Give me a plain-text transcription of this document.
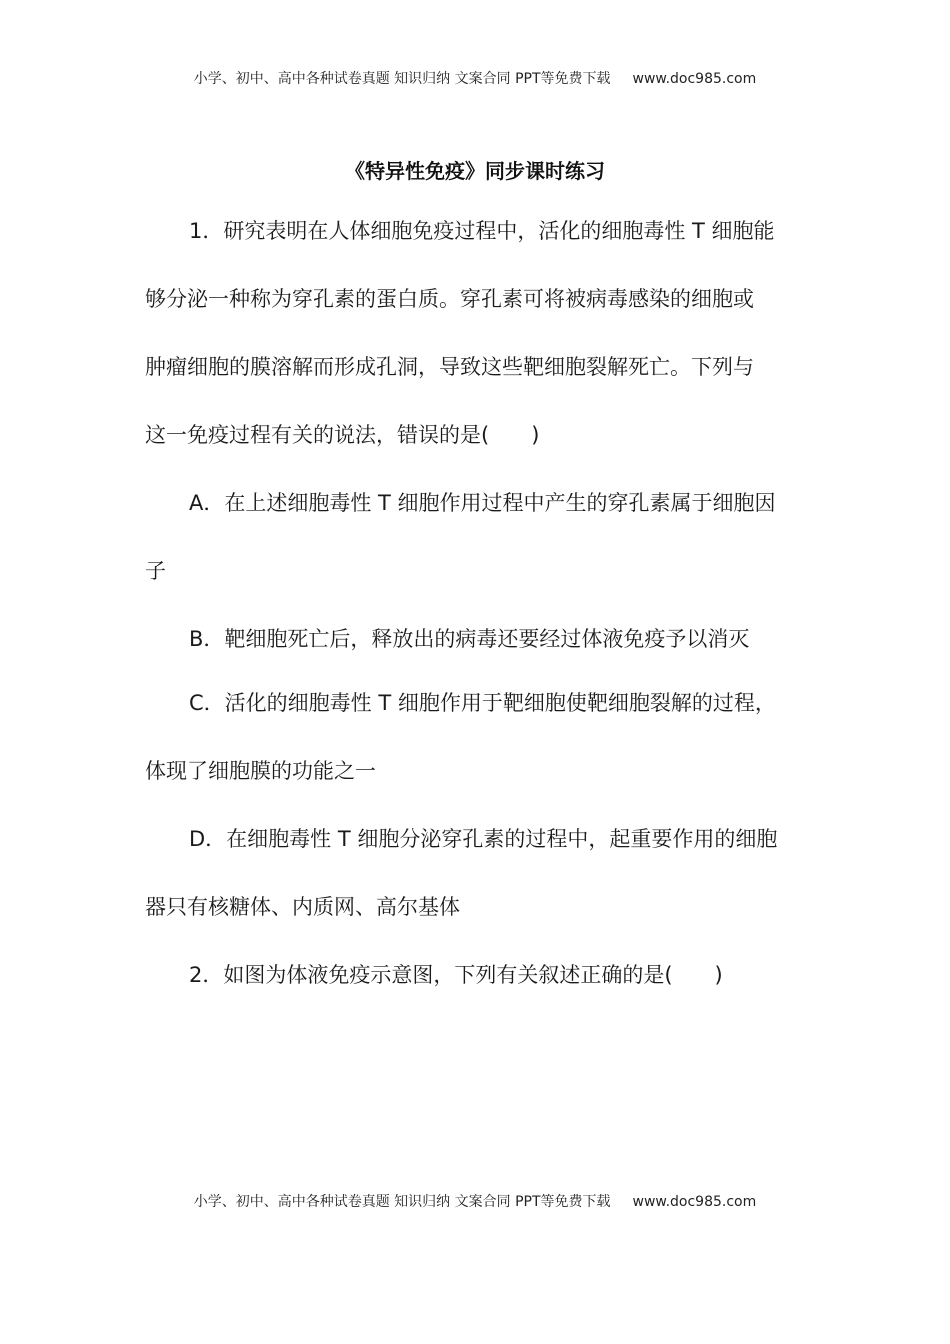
小学、初中、高中各种试卷真题 知识归纳 文案合同 PPT等免费下载 www.doc985.com
《特异性免疫》同步课时练习
1．研究表明在人体细胞免疫过程中，活化的细胞毒性 T 细胞能
够分泌一种称为穿孔素的蛋白质。穿孔素可将被病毒感染的细胞或
肿瘤细胞的膜溶解而形成孔洞，导致这些靶细胞裂解死亡。下列与
这一免疫过程有关的说法，错误的是(　　)
A．在上述细胞毒性 T 细胞作用过程中产生的穿孔素属于细胞因
子
B．靶细胞死亡后，释放出的病毒还要经过体液免疫予以消灭
C．活化的细胞毒性 T 细胞作用于靶细胞使靶细胞裂解的过程，
体现了细胞膜的功能之一
D．在细胞毒性 T 细胞分泌穿孔素的过程中，起重要作用的细胞
器只有核糖体、内质网、高尔基体
2．如图为体液免疫示意图，下列有关叙述正确的是(　　)
小学、初中、高中各种试卷真题 知识归纳 文案合同 PPT等免费下载 www.doc985.com
